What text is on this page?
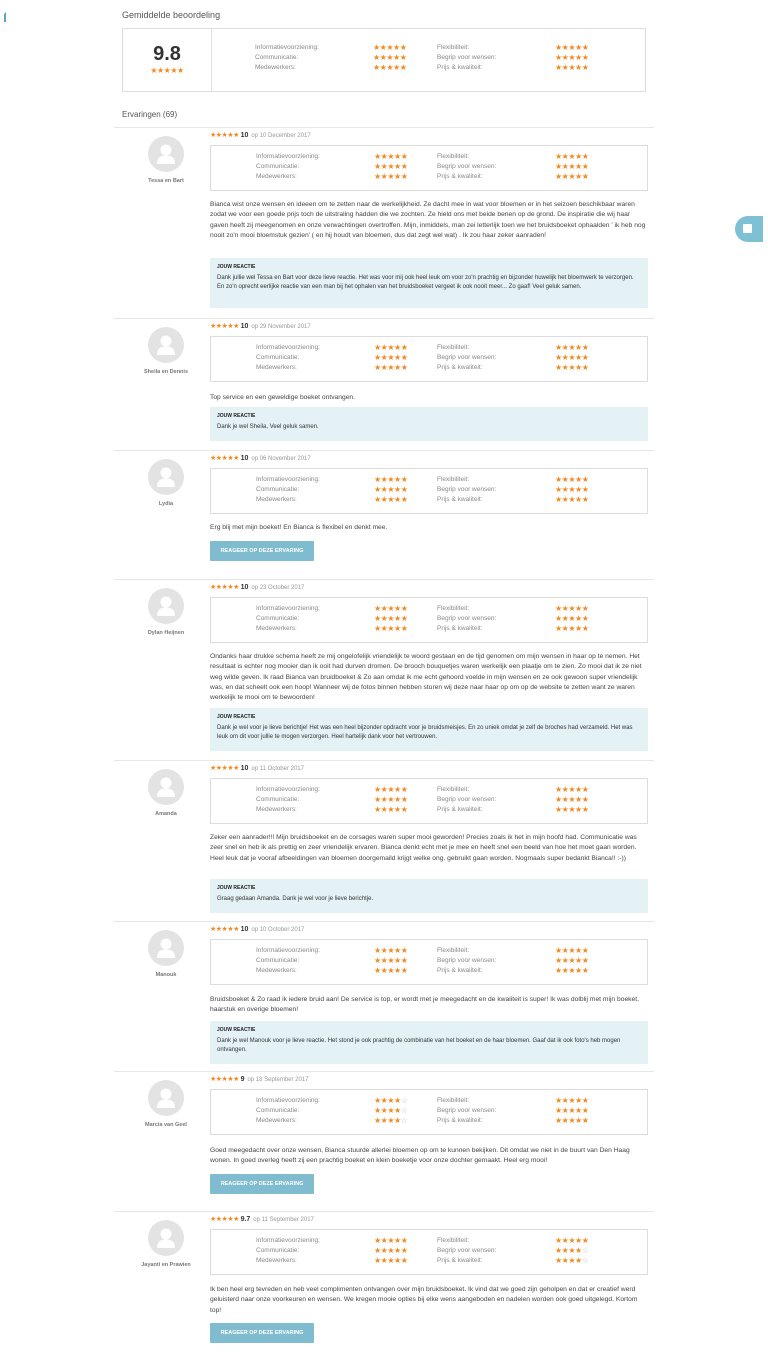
Gemiddelde beoordeling
9.8
★★★★★
Informatievoorziening:	★★★★★
Communicatie:	★★★★★
Medewerkers:	★★★★★
Flexibiliteit:	★★★★★
Begrip voor wensen:	★★★★★
Prijs & kwaliteit:	★★★★★
Ervaringen (69)
Tessa en Bart
★★★★★ 10 op 10 December 2017
Informatievoorziening:	★★★★★
Communicatie:	★★★★★
Medewerkers:	★★★★★
Flexibiliteit:	★★★★★
Begrip voor wensen:	★★★★★
Prijs & kwaliteit:	★★★★★
Bianca wist onze wensen en ideeen om te zetten naar de werkelijkheid. Ze dacht mee in wat voor bloemen er in het seizoen beschikbaar waren zodat we voor een goede prijs toch de uitstraling hadden die we zochten. Ze hield ons met beide benen op de grond. De inspiratie die wij haar gaven heeft zij meegenomen en onze verwachtingen overtroffen. Mijn, inmiddels, man zei letterlijk toen we het bruidsboeket ophaalden ' ik heb nog nooit zo'n mooi bloemstuk gezien' ( en hij houdt van bloemen, dus dat zegt wel wat) . Ik zou haar zeker aanraden!
JOUW REACTIE
Dank jullie wel Tessa en Bart voor deze lieve reactie. Het was voor mij ook heel leuk om voor zo'n prachtig en bijzonder huwelijk het bloemwerk te verzorgen.
En zo'n oprecht eerlijke reactie van een man bij het ophalen van het bruidsboeket vergeet ik ook nooit meer... Zo gaaf! Veel geluk samen.
Sheila en Dennis
★★★★★ 10 op 29 November 2017
Informatievoorziening:	★★★★★
Communicatie:	★★★★★
Medewerkers:	★★★★★
Flexibiliteit:	★★★★★
Begrip voor wensen:	★★★★★
Prijs & kwaliteit:	★★★★★
Top service en een geweldige boeket ontvangen.
JOUW REACTIE
Dank je wel Sheila, Veel geluk samen.
Lydia
★★★★★ 10 op 06 November 2017
Informatievoorziening:	★★★★★
Communicatie:	★★★★★
Medewerkers:	★★★★★
Flexibiliteit:	★★★★★
Begrip voor wensen:	★★★★★
Prijs & kwaliteit:	★★★★★
Erg blij met mijn boeket! En Bianca is flexibel en denkt mee.
REAGEER OP DEZE ERVARING
Dylan Heijnen
★★★★★ 10 op 23 October 2017
Informatievoorziening:	★★★★★
Communicatie:	★★★★★
Medewerkers:	★★★★★
Flexibiliteit:	★★★★★
Begrip voor wensen:	★★★★★
Prijs & kwaliteit:	★★★★★
Ondanks haar drukke schema heeft ze mij ongelofelijk vriendelijk te woord gestaan en de tijd genomen om mijn wensen in haar op te nemen. Het resultaat is echter nog mooier dan ik ooit had durven dromen. De brooch bouquetjes waren werkelijk een plaatje om te zien. Zo mooi dat ik ze niet weg wilde geven. Ik raad Bianca van bruidboeket & Zo aan omdat ik me echt gehoord voelde in mijn wensen en ze ook gewoon super vriendelijk was, en dat scheelt ook een hoop! Wanneer wij de fotos binnen hebben sturen wij deze naar haar op om op de website te zetten want ze waren werkelijk te mooi om te bewoorden!
JOUW REACTIE
Dank je wel voor je lieve berichtje! Het was een heel bijzonder opdracht voor je bruidsmeisjes. En zo uniek omdat je zelf de broches had verzameld. Het was leuk om dit voor jullie te mogen verzorgen. Heel hartelijk dank voor het vertrouwen.
Amanda
★★★★★ 10 op 11 October 2017
Informatievoorziening:	★★★★★
Communicatie:	★★★★★
Medewerkers:	★★★★★
Flexibiliteit:	★★★★★
Begrip voor wensen:	★★★★★
Prijs & kwaliteit:	★★★★★
Zeker een aanrader!!! Mijn bruidsboeket en de corsages waren super mooi geworden! Precies zoals ik het in mijn hoofd had. Communicatie was zeer snel en heb ik als prettig en zeer vriendelijk ervaren. Bianca denkt echt met je mee en heeft snel een beeld van hoe het moet gaan worden. Heel leuk dat je vooraf afbeeldingen van bloemen doorgemaild krijgt welke ong. gebruikt gaan worden. Nogmaals super bedankt Bianca!! :-))
JOUW REACTIE
Graag gedaan Amanda. Dank je wel voor je lieve berichtje.
Manouk
★★★★★ 10 op 10 October 2017
Informatievoorziening:	★★★★★
Communicatie:	★★★★★
Medewerkers:	★★★★★
Flexibiliteit:	★★★★★
Begrip voor wensen:	★★★★★
Prijs & kwaliteit:	★★★★★
Bruidsboeket & Zo raad ik iedere bruid aan! De service is top, er wordt met je meegedacht en de kwaliteit is super! Ik was dolblij met mijn boeket, haarstuk en overige bloemen!
JOUW REACTIE
Dank je wel Manouk voor je lieve reactie. Het stond je ook prachtig de combinatie van het boeket en de haar bloemen. Gaaf dat ik ook foto's heb mogen ontvangen.
Marcia van Geel
★★★★★ 9 op 18 September 2017
Informatievoorziening:	★★★★☆
Communicatie:	★★★★☆
Medewerkers:	★★★★☆
Flexibiliteit:	★★★★★
Begrip voor wensen:	★★★★★
Prijs & kwaliteit:	★★★★★
Goed meegedacht over onze wensen, Bianca stuurde allerlei bloemen op om te kunnen bekijken. Dit omdat we niet in de buurt van Den Haag wonen. In goed overleg heeft zij een prachtig boeket en klein boeketje voor onze dochter gemaakt. Heel erg mooi!
REAGEER OP DEZE ERVARING
Jayanti en Prawien
★★★★★ 9.7 op 11 September 2017
Informatievoorziening:	★★★★★
Communicatie:	★★★★★
Medewerkers:	★★★★★
Flexibiliteit:	★★★★★
Begrip voor wensen:	★★★★☆
Prijs & kwaliteit:	★★★★☆
Ik ben heel erg tevreden en heb veel complimenten ontvangen over mijn bruidsboeket. Ik vind dat we goed zijn geholpen en dat er creatief werd geluisterd naar onze voorkeuren en wensen. We kregen mooie opties bij elke wens aangeboden en nadelen worden ook goed uitgelegd. Kortom top!
REAGEER OP DEZE ERVARING
